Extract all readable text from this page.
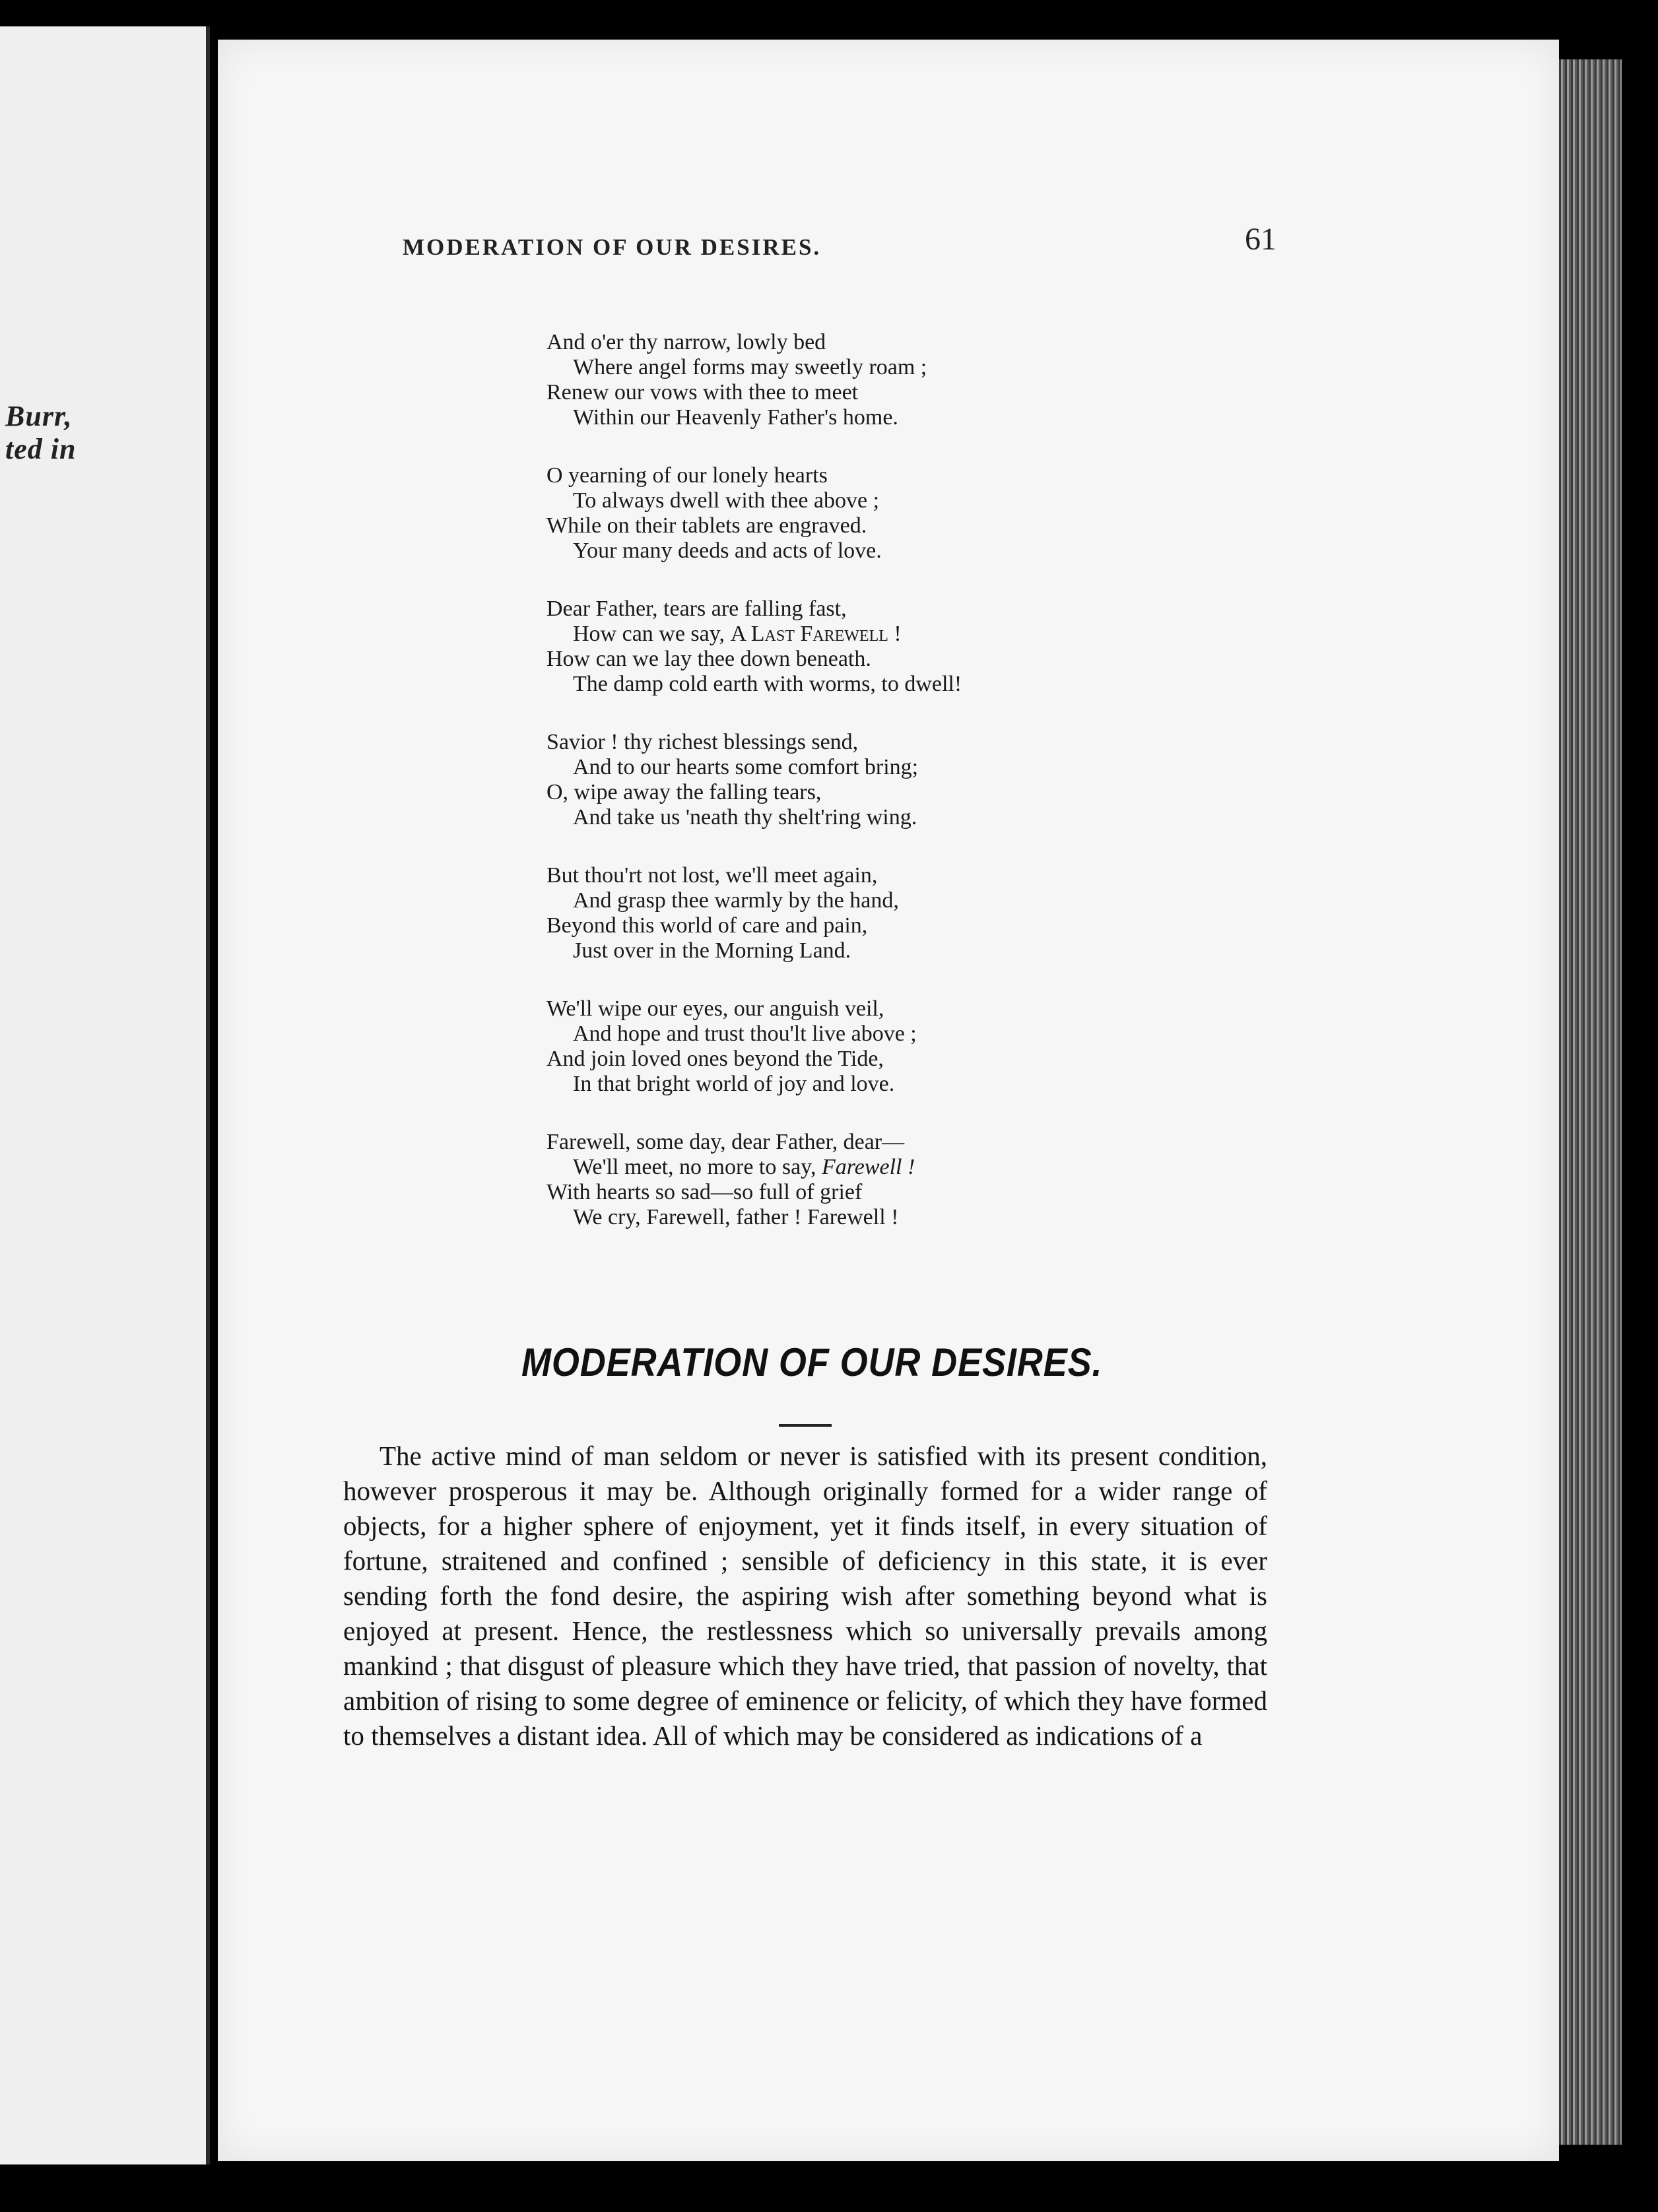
Burr,
ted in
MODERATION OF OUR DESIRES.	61
And o'er thy narrow, lowly bed
Where angel forms may sweetly roam ;
Renew our vows with thee to meet
Within our Heavenly Father's home.
O yearning of our lonely hearts
To always dwell with thee above ;
While on their tablets are engraved.
Your many deeds and acts of love.
Dear Father, tears are falling fast,
How can we say, A Last Farewell !
How can we lay thee down beneath.
The damp cold earth with worms, to dwell!
Savior ! thy richest blessings send,
And to our hearts some comfort bring;
O, wipe away the falling tears,
And take us 'neath thy shelt'ring wing.
But thou'rt not lost, we'll meet again,
And grasp thee warmly by the hand,
Beyond this world of care and pain,
Just over in the Morning Land.
We'll wipe our eyes, our anguish veil,
And hope and trust thou'lt live above ;
And join loved ones beyond the Tide,
In that bright world of joy and love.
Farewell, some day, dear Father, dear—
We'll meet, no more to say, Farewell !
With hearts so sad—so full of grief
We cry, Farewell, father ! Farewell !
MODERATION OF OUR DESIRES.

The active mind of man seldom or never is satisfied with its present condition, however prosperous it may be. Although originally formed for a wider range of objects, for a higher sphere of enjoyment, yet it finds itself, in every situation of fortune, straitened and confined ; sensible of deficiency in this state, it is ever sending forth the fond desire, the aspiring wish after something beyond what is enjoyed at present. Hence, the restlessness which so universally prevails among mankind ; that disgust of pleasure which they have tried, that passion of novelty, that ambition of rising to some degree of eminence or felicity, of which they have formed to themselves a distant idea. All of which may be considered as indications of a
